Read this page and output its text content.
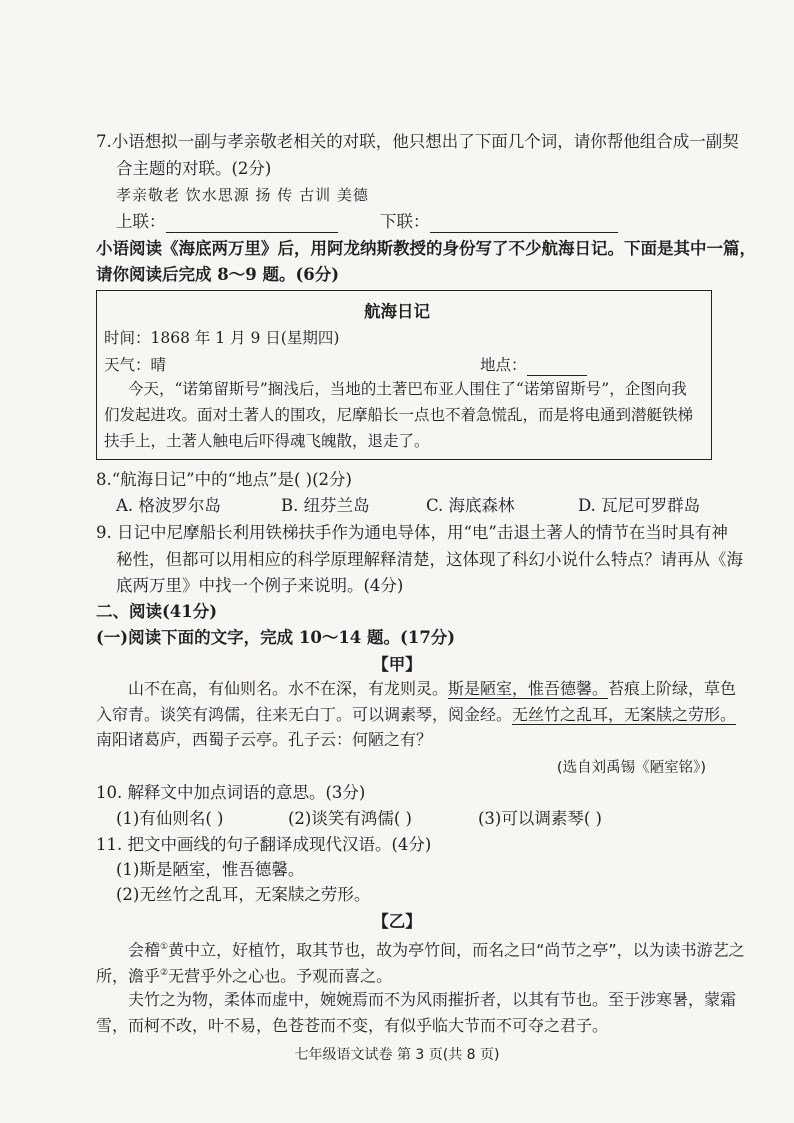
7.小语想拟一副与孝亲敬老相关的对联，他只想出了下面几个词，请你帮他组合成一副契
合主题的对联。(2分)
孝亲敬老 饮水思源 扬 传 古训 美德
上联：	下联：
小语阅读《海底两万里》后，用阿龙纳斯教授的身份写了不少航海日记。下面是其中一篇，
请你阅读后完成 8～9 题。(6分)
航海日记
时间：1868 年 1 月 9 日(星期四)
天气：晴	地点：
今天，“诺第留斯号”搁浅后，当地的土著巴布亚人围住了“诺第留斯号”，企图向我
们发起进攻。面对土著人的围攻，尼摩船长一点也不着急慌乱，而是将电通到潜艇铁梯
扶手上，土著人触电后吓得魂飞魄散，退走了。
8.“航海日记”中的“地点”是( )(2分)
A. 格波罗尔岛	B. 纽芬兰岛	C. 海底森林	D. 瓦尼可罗群岛
9. 日记中尼摩船长利用铁梯扶手作为通电导体，用“电”击退土著人的情节在当时具有神
秘性，但都可以用相应的科学原理解释清楚，这体现了科幻小说什么特点？请再从《海
底两万里》中找一个例子来说明。(4分)
二、阅读(41分)
(一)阅读下面的文字，完成 10～14 题。(17分)
【甲】
山不在高，有仙则名。水不在深，有龙则灵。斯是陋室，惟吾德馨。苔痕上阶绿，草色
入帘青。谈笑有鸿儒，往来无白丁。可以调素琴，阅金经。无丝竹之乱耳，无案牍之劳形。
南阳诸葛庐，西蜀子云亭。孔子云：何陋之有？
(选自刘禹锡《陋室铭》)
10. 解释文中加点词语的意思。(3分)
(1)有仙则名( )	(2)谈笑有鸿儒( )	(3)可以调素琴( )
11. 把文中画线的句子翻译成现代汉语。(4分)
(1)斯是陋室，惟吾德馨。
(2)无丝竹之乱耳，无案牍之劳形。
【乙】
会稽①黄中立，好植竹，取其节也，故为亭竹间，而名之曰“尚节之亭”，以为读书游艺之
所，澹乎②无营乎外之心也。予观而喜之。
夫竹之为物，柔体而虚中，婉婉焉而不为风雨摧折者，以其有节也。至于涉寒暑，蒙霜
雪，而柯不改，叶不易，色苍苍而不变，有似乎临大节而不可夺之君子。
七年级语文试卷 第 3 页(共 8 页)
